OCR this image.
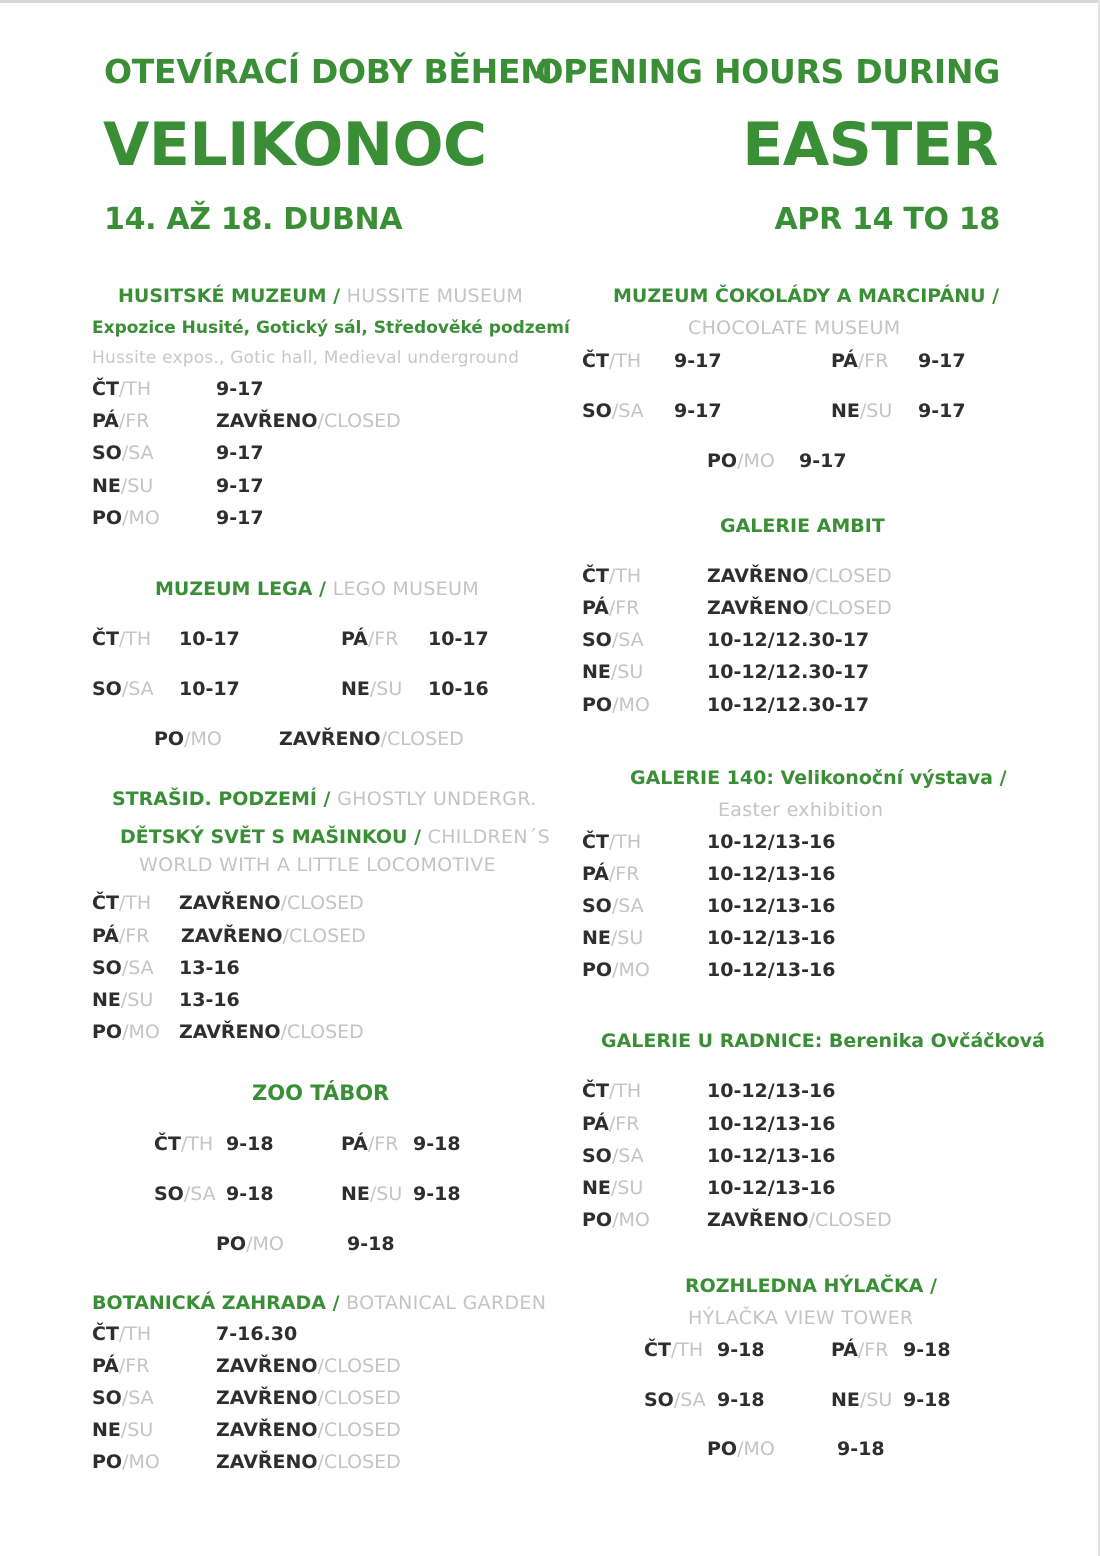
OTEVÍRACÍ DOBY BĚHEM
VELIKONOC
14. AŽ 18. DUBNA
OPENING HOURS DURING
EASTER
APR 14 TO 18
HUSITSKÉ MUZEUM / HUSSITE MUSEUM
Expozice Husité, Gotický sál, Středověké podzemí
Hussite expos., Gotic hall, Medieval underground
ČT/TH	9-17
PÁ/FR	ZAVŘENO/CLOSED
SO/SA	9-17
NE/SU	9-17
PO/MO	9-17
MUZEUM LEGA / LEGO MUSEUM
ČT/TH 10-17	PÁ/FR 10-17
SO/SA 10-17	NE/SU 10-16
PO/MO	ZAVŘENO/CLOSED
STRAŠID. PODZEMÍ / GHOSTLY UNDERGR.
DĚTSKÝ SVĚT S MAŠINKOU / CHILDREN´S
WORLD WITH A LITTLE LOCOMOTIVE
ČT/TH ZAVŘENO/CLOSED
PÁ/FR ZAVŘENO/CLOSED
SO/SA 13-16
NE/SU 13-16
PO/MO ZAVŘENO/CLOSED
ZOO TÁBOR
ČT/TH 9-18	PÁ/FR 9-18
SO/SA 9-18	NE/SU 9-18
PO/MO	9-18
BOTANICKÁ ZAHRADA / BOTANICAL GARDEN
ČT/TH	7-16.30
PÁ/FR	ZAVŘENO/CLOSED
SO/SA	ZAVŘENO/CLOSED
NE/SU	ZAVŘENO/CLOSED
PO/MO	ZAVŘENO/CLOSED
MUZEUM ČOKOLÁDY A MARCIPÁNU /
CHOCOLATE MUSEUM
ČT/TH 9-17	PÁ/FR 9-17
SO/SA 9-17	NE/SU 9-17
PO/MO 9-17
GALERIE AMBIT
ČT/TH	ZAVŘENO/CLOSED
PÁ/FR	ZAVŘENO/CLOSED
SO/SA	10-12/12.30-17
NE/SU	10-12/12.30-17
PO/MO	10-12/12.30-17
GALERIE 140: Velikonoční výstava /
Easter exhibition
ČT/TH	10-12/13-16
PÁ/FR	10-12/13-16
SO/SA	10-12/13-16
NE/SU	10-12/13-16
PO/MO	10-12/13-16
GALERIE U RADNICE: Berenika Ovčáčková
ČT/TH	10-12/13-16
PÁ/FR	10-12/13-16
SO/SA	10-12/13-16
NE/SU	10-12/13-16
PO/MO	ZAVŘENO/CLOSED
ROZHLEDNA HÝLAČKA /
HÝLAČKA VIEW TOWER
ČT/TH 9-18	PÁ/FR 9-18
SO/SA 9-18	NE/SU 9-18
PO/MO	9-18
